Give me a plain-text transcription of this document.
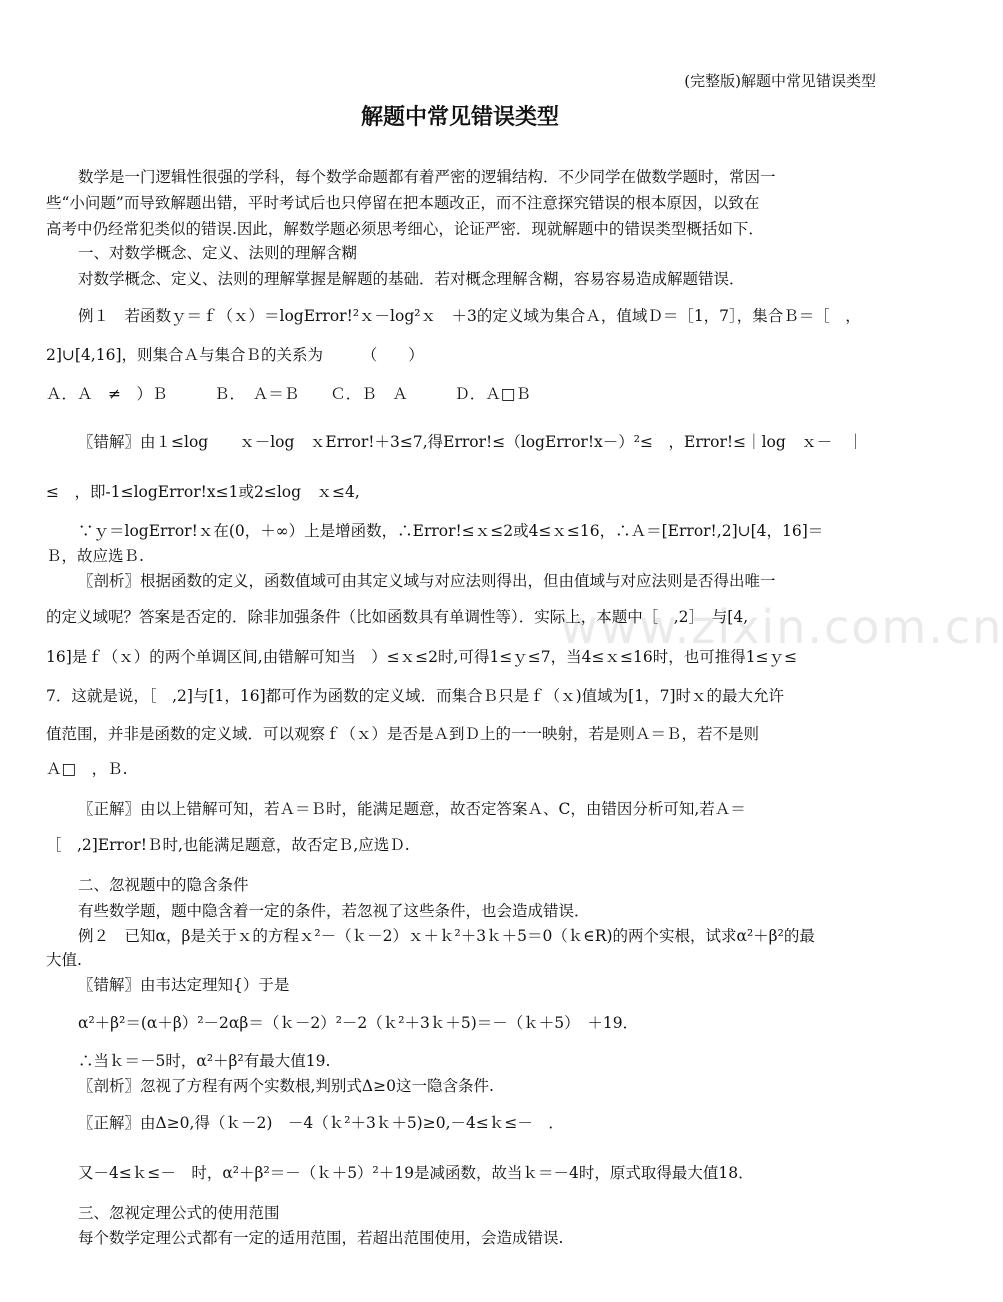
(完整版)解题中常见错误类型
解题中常见错误类型
www.zixin.com.cn
数学是一门逻辑性很强的学科，每个数学命题都有着严密的逻辑结构．不少同学在做数学题时，常因一
些“小问题”而导致解题出错，平时考试后也只停留在把本题改正，而不注意探究错误的根本原因，以致在
高考中仍经常犯类似的错误.因此，解数学题必须思考细心，论证严密．现就解题中的错误类型概括如下．
一、对数学概念、定义、法则的理解含糊
对数学概念、定义、法则的理解掌握是解题的基础．若对概念理解含糊，容易容易造成解题错误．
例１　若函数ｙ＝ｆ（ｘ）＝logError!²ｘ－log²ｘ　＋3的定义域为集合Ａ，值域Ｄ＝［1，7］，集合Ｂ＝［　，
2]∪[4,16]，则集合Ａ与集合Ｂ的关系为　　　（　　）
Ａ．Ａ　≠　）Ｂ　　　Ｂ．　Ａ＝Ｂ　　Ｃ．Ｂ　Ａ　　　Ｄ．Ａ□Ｂ
〖错解〗由１≤log　　ｘ－log　ｘError!＋3≤7,得Error!≤（logError!x－）²≤　，Error!≤｜log　ｘ－　｜
≤　，即-1≤logError!x≤1或2≤log　ｘ≤4,
∵ｙ＝logError!ｘ在(0，＋∞）上是增函数，∴Error!≤ｘ≤2或4≤ｘ≤16，∴Ａ＝[Error!,2]∪[4，16]＝
Ｂ，故应选Ｂ.
〖剖析〗根据函数的定义，函数值域可由其定义域与对应法则得出，但由值域与对应法则是否得出唯一
的定义域呢？答案是否定的．除非加强条件（比如函数具有单调性等）．实际上，本题中［　,2］　与[4,
16]是ｆ（ｘ）的两个单调区间,由错解可知当　）≤ｘ≤2时,可得1≤ｙ≤7，当4≤ｘ≤16时，也可推得1≤ｙ≤
7．这就是说，［　,2]与[1，16]都可作为函数的定义域．而集合Ｂ只是ｆ（ｘ)值域为[1，7]时ｘ的最大允许
值范围，并非是函数的定义域．可以观察ｆ（ｘ）是否是Ａ到Ｄ上的一一映射，若是则Ａ＝Ｂ，若不是则
Ａ□　，Ｂ.
〖正解〗由以上错解可知，若Ａ＝Ｂ时，能满足题意，故否定答案Ａ、C，由错因分析可知,若Ａ＝
［　,2]Error!Ｂ时,也能满足题意，故否定Ｂ,应选Ｄ.
二、忽视题中的隐含条件
有些数学题，题中隐含着一定的条件，若忽视了这些条件，也会造成错误．
例２　已知α，β是关于ｘ的方程ｘ²－（ｋ－2）ｘ＋ｋ²＋3ｋ＋5＝0（ｋ∈R)的两个实根，试求α²＋β²的最
大值.
〖错解〗由韦达定理知{）于是
α²＋β²＝(α＋β）²－2αβ＝（ｋ－2）²－2（ｋ²＋3ｋ＋5)＝－（ｋ＋5）　＋19．
∴当ｋ＝－5时，α²＋β²有最大值19.
〖剖析〗忽视了方程有两个实数根,判别式Δ≥0这一隐含条件.
〖正解〗由Δ≥0,得（ｋ－2)　－4（ｋ²＋3ｋ＋5)≥0,－4≤ｋ≤－　．
又－4≤ｋ≤－　时，α²＋β²＝－（ｋ＋5）²＋19是减函数，故当ｋ＝－4时，原式取得最大值18．
三、忽视定理公式的使用范围
每个数学定理公式都有一定的适用范围，若超出范围使用，会造成错误.
